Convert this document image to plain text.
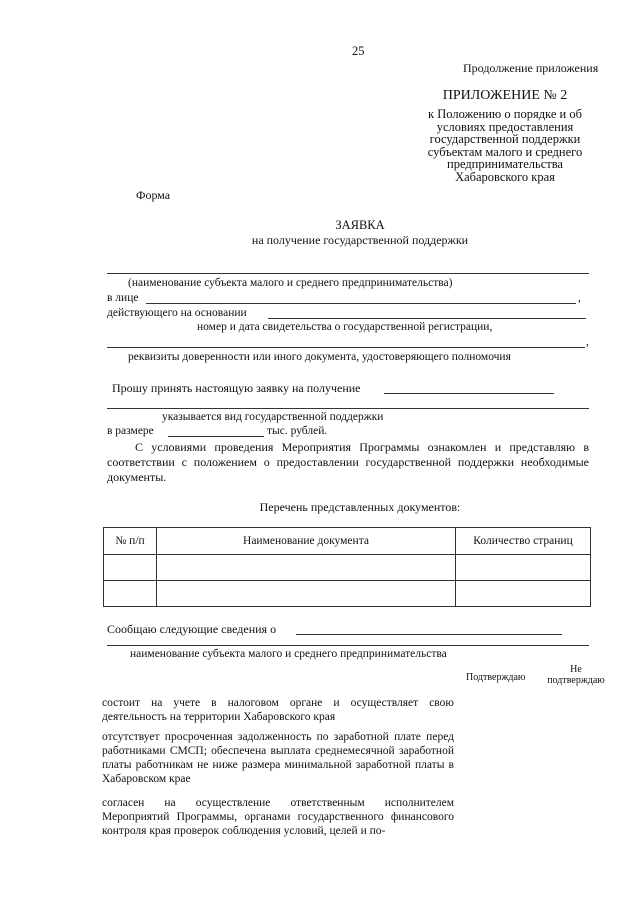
25
Продолжение приложения
ПРИЛОЖЕНИЕ № 2
к Положению о порядке и об
условиях предоставления
государственной поддержки
субъектам малого и среднего
предпринимательства
Хабаровского края
Форма
ЗАЯВКА
на получение государственной поддержки
(наименование субъекта малого и среднего предпринимательства)
в лице	,
действующего на основании
номер и дата свидетельства о государственной регистрации,
,
реквизиты доверенности или иного документа, удостоверяющего полномочия
Прошу принять настоящую заявку на получение
указывается вид государственной поддержки
в размере	тыс. рублей.
С условиями проведения Мероприятия Программы ознакомлен и представляю в соответствии с положением о предоставлении государственной поддержки необходимые документы.
Перечень представленных документов:
№ п/п	Наименование документа	Количество страниц

Сообщаю следующие сведения о
наименование субъекта малого и среднего предпринимательства
Подтверждаю
Не
подтверждаю
состоит на учете в налоговом органе и осуществляет свою деятельность на территории Хабаровского края
отсутствует просроченная задолженность по заработной плате перед работниками СМСП; обеспечена выплата среднемесячной заработной платы работникам не ниже размера минимальной заработной платы в Хабаровском крае
согласен на осуществление ответственным исполнителем Мероприятий Программы, органами государственного финансового контроля края проверок соблюдения условий, целей и по-
